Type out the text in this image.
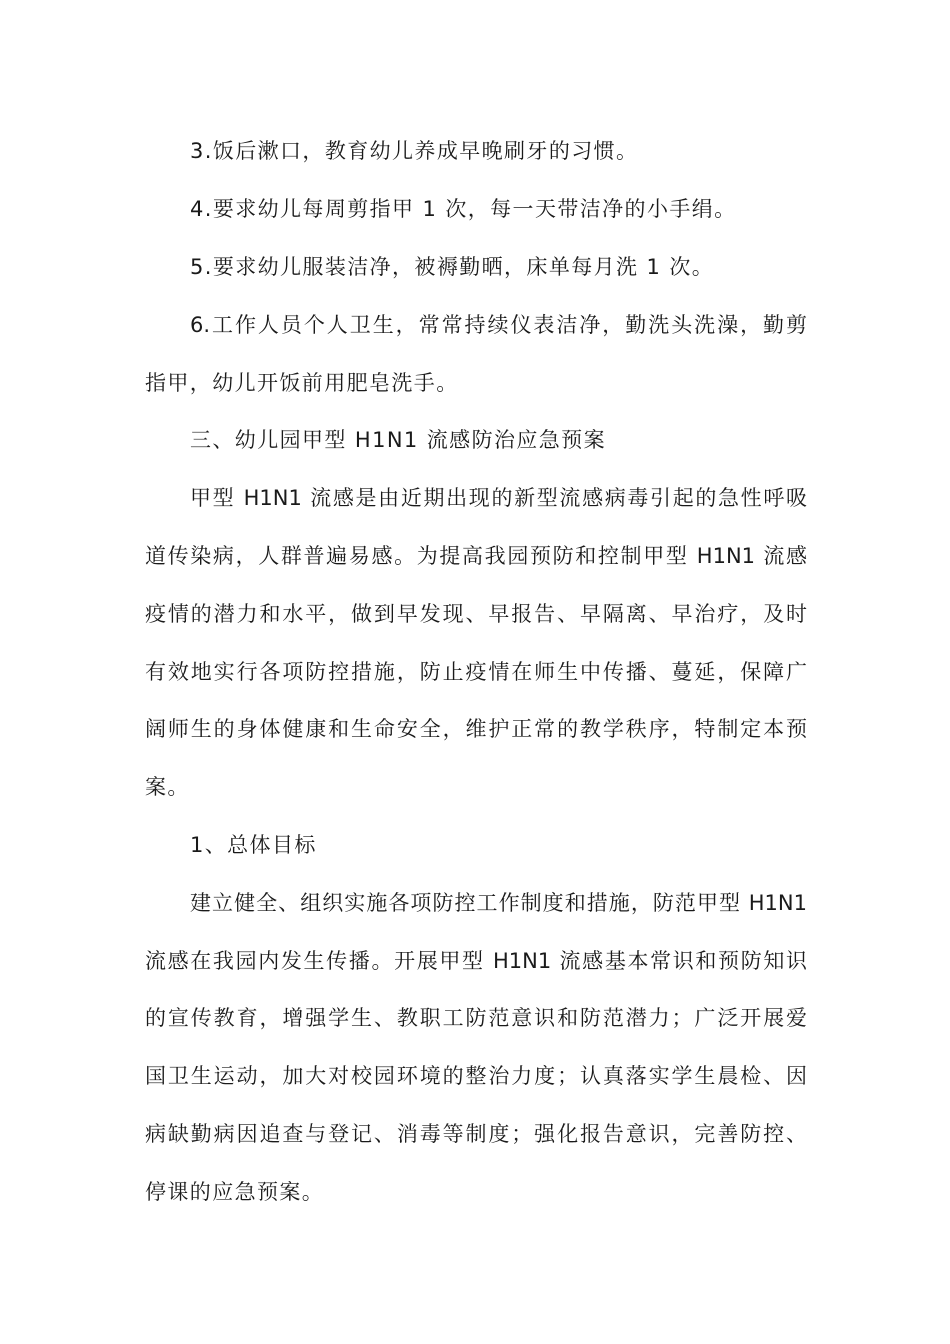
3.饭后漱口，教育幼儿养成早晚刷牙的习惯。
4.要求幼儿每周剪指甲 1 次，每一天带洁净的小手绢。
5.要求幼儿服装洁净，被褥勤晒，床单每月洗 1 次。
6.工作人员个人卫生，常常持续仪表洁净，勤洗头洗澡，勤剪
指甲，幼儿开饭前用肥皂洗手。
三、幼儿园甲型 H1N1 流感防治应急预案
甲型 H1N1 流感是由近期出现的新型流感病毒引起的急性呼吸
道传染病，人群普遍易感。为提高我园预防和控制甲型 H1N1 流感
疫情的潜力和水平，做到早发现、早报告、早隔离、早治疗，及时
有效地实行各项防控措施，防止疫情在师生中传播、蔓延，保障广
阔师生的身体健康和生命安全，维护正常的教学秩序，特制定本预
案。
1、总体目标
建立健全、组织实施各项防控工作制度和措施，防范甲型 H1N1
流感在我园内发生传播。开展甲型 H1N1 流感基本常识和预防知识
的宣传教育，增强学生、教职工防范意识和防范潜力；广泛开展爱
国卫生运动，加大对校园环境的整治力度；认真落实学生晨检、因
病缺勤病因追查与登记、消毒等制度；强化报告意识，完善防控、
停课的应急预案。
